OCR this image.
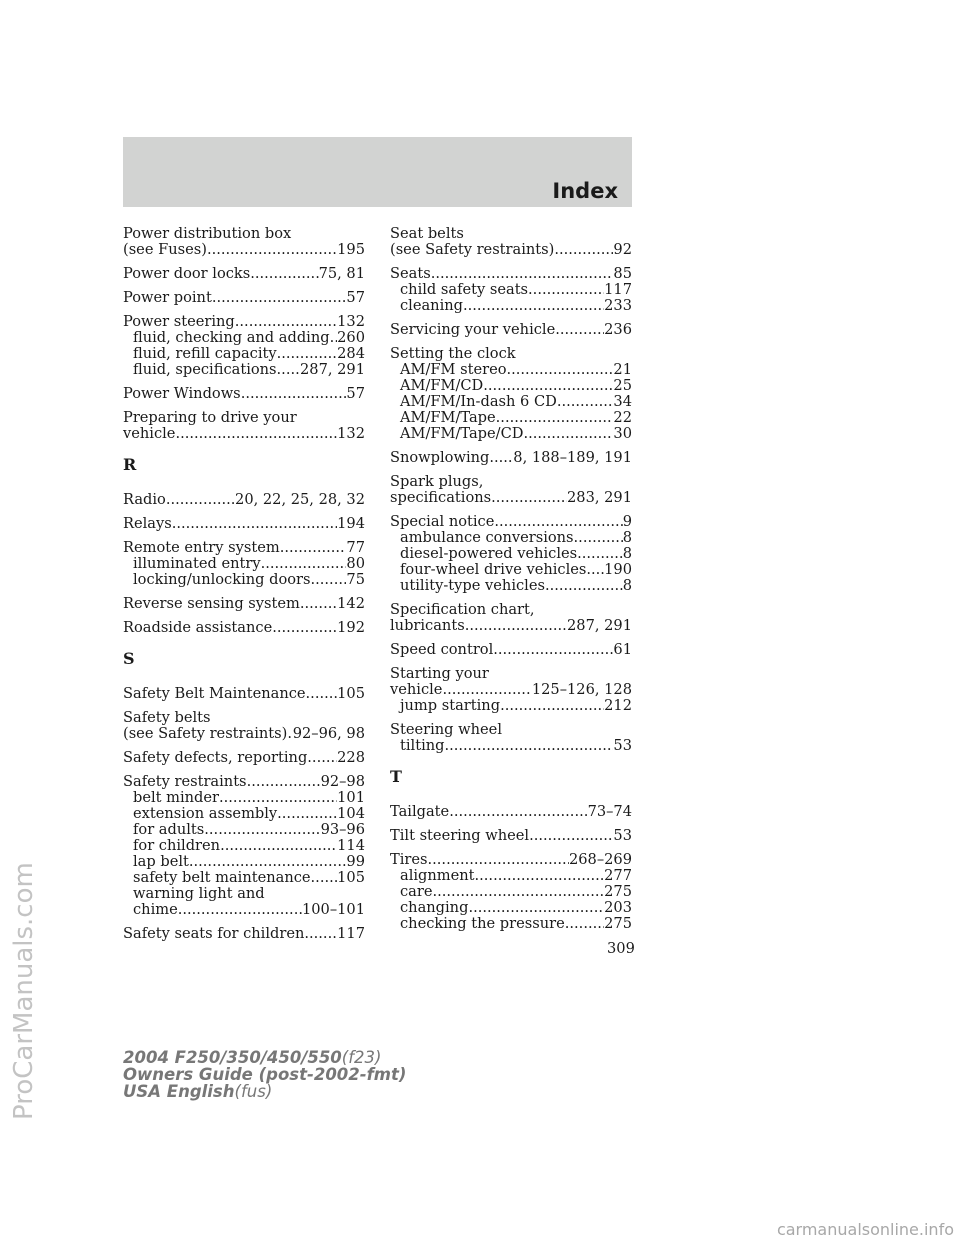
Index
Power distribution box
(see Fuses) .....	195
Power door locks .....	75, 81
Power point .....	57
Power steering .....	132
fluid, checking and adding ..... 260
fluid, refill capacity .....	284
fluid, specifications ..... 287, 291
Power Windows .....	57
Preparing to drive your
vehicle .....	132
R
Radio .....	20, 22, 25, 28, 32
Relays .....	194
Remote entry system .....	77
illuminated entry .....	80
locking/unlocking doors ..... 75
Reverse sensing system .....	142
Roadside assistance .....	192
S
Safety Belt Maintenance ..... 105
Safety belts
(see Safety restraints) ..... 92–96, 98
Safety defects, reporting ..... 228
Safety restraints .....	92–98
belt minder .....	101
extension assembly .....	104
for adults .....	93–96
for children .....	114
lap belt .....	99
safety belt maintenance ..... 105
warning light and
chime .....	100–101
Safety seats for children ..... 117
Seat belts
(see Safety restraints) .....	92
Seats .....	85
child safety seats .....	117
cleaning .....	233
Servicing your vehicle .....	236
Setting the clock
AM/FM stereo .....	21
AM/FM/CD .....	25
AM/FM/In-dash 6 CD .....	34
AM/FM/Tape .....	22
AM/FM/Tape/CD .....	30
Snowplowing ..... 8, 188–189, 191
Spark plugs,
specifications .....	283, 291
Special notice .....	9
ambulance conversions .....	8
diesel-powered vehicles .....	8
four-wheel drive vehicles ..... 190
utility-type vehicles .....	8
Specification chart,
lubricants .....	287, 291
Speed control .....	61
Starting your
vehicle .....	125–126, 128
jump starting .....	212
Steering wheel
tilting .....	53
T
Tailgate .....	73–74
Tilt steering wheel .....	53
Tires .....	268–269
alignment .....	277
care .....	275
changing .....	203
checking the pressure .....	275
309
2004 F250/350/450/550(f23)
Owners Guide (post-2002-fmt)
USA English(fus)
ProCarManuals.com
carmanualsonline.info
